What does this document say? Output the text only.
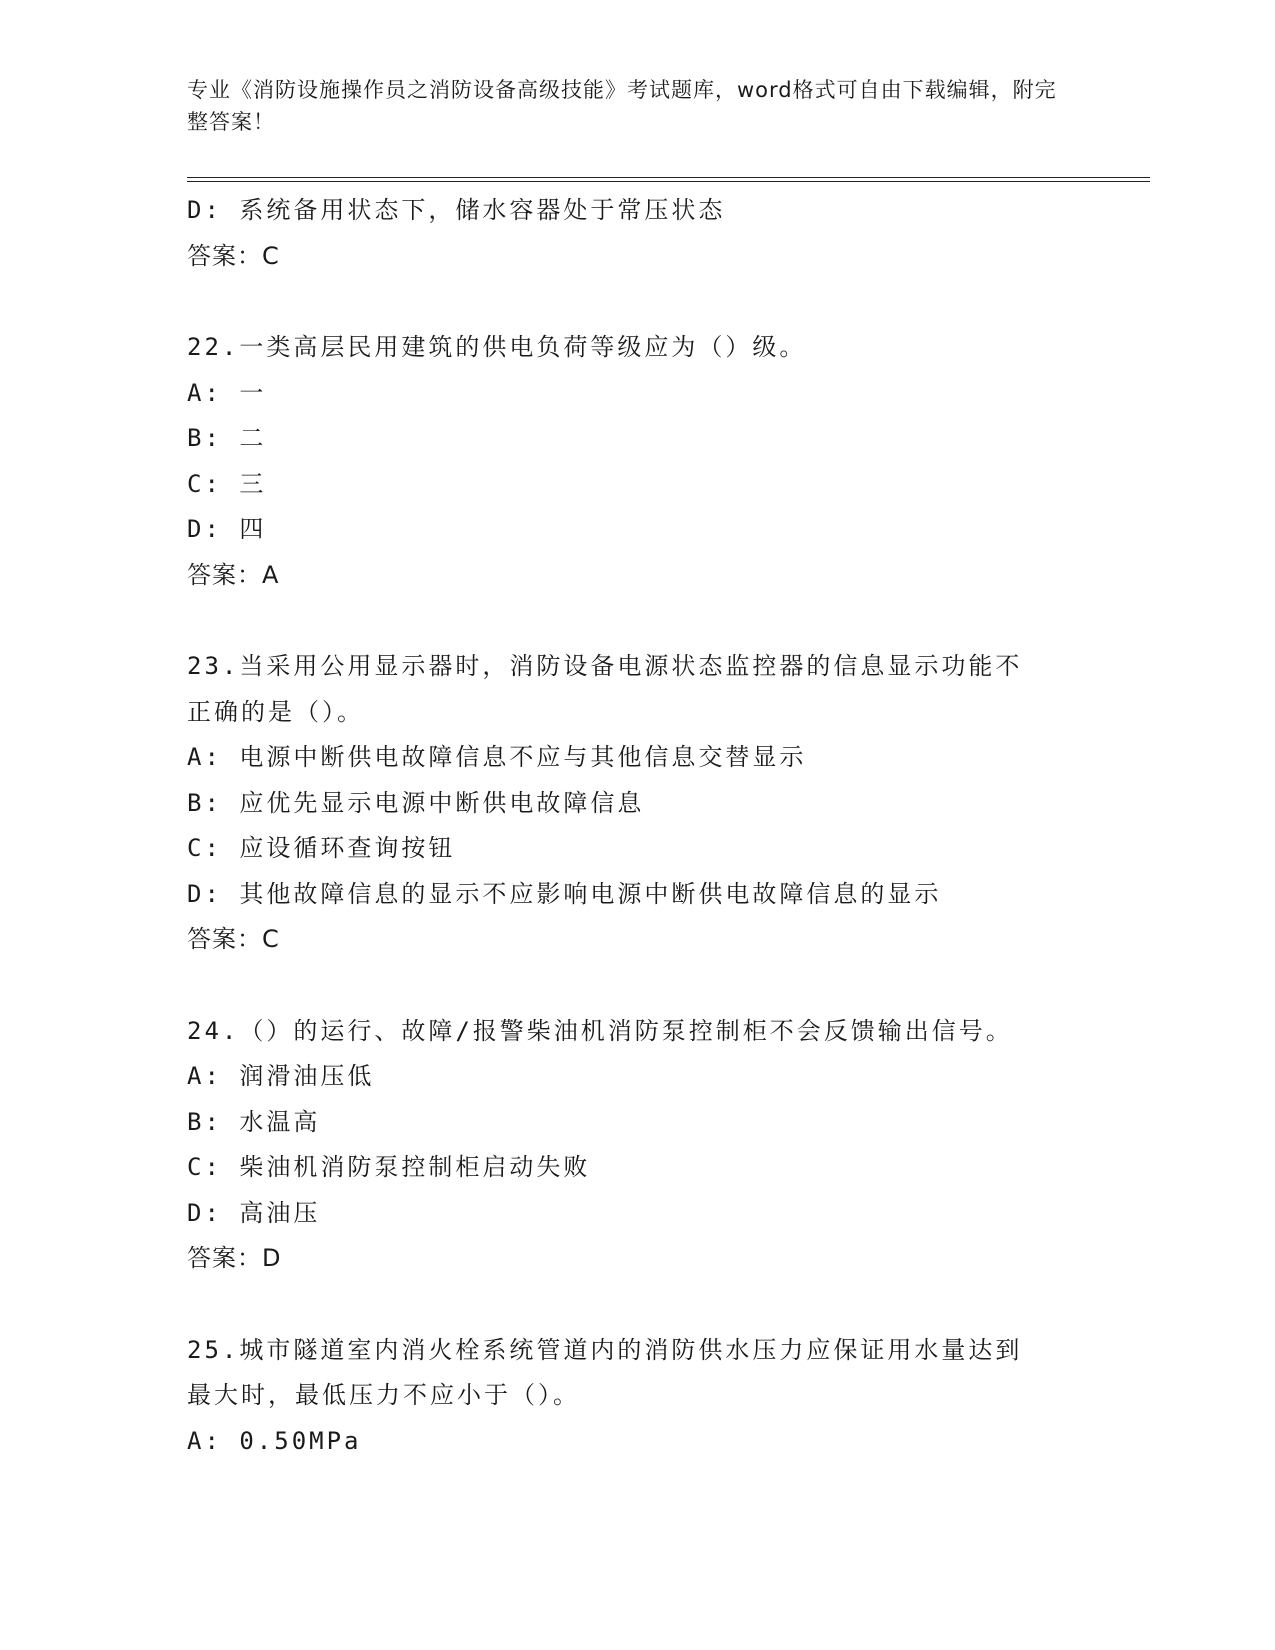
专业《消防设施操作员之消防设备高级技能》考试题库，word格式可自由下载编辑，附完整答案！
D: 系统备用状态下，储水容器处于常压状态
答案：C
22.一类高层民用建筑的供电负荷等级应为（）级。
A: 一
B: 二
C: 三
D: 四
答案：A
23.当采用公用显示器时，消防设备电源状态监控器的信息显示功能不
正确的是（）。
A: 电源中断供电故障信息不应与其他信息交替显示
B: 应优先显示电源中断供电故障信息
C: 应设循环查询按钮
D: 其他故障信息的显示不应影响电源中断供电故障信息的显示
答案：C
24.（）的运行、故障/报警柴油机消防泵控制柜不会反馈输出信号。
A: 润滑油压低
B: 水温高
C: 柴油机消防泵控制柜启动失败
D: 高油压
答案：D
25.城市隧道室内消火栓系统管道内的消防供水压力应保证用水量达到
最大时，最低压力不应小于（）。
A: 0.50MPa
